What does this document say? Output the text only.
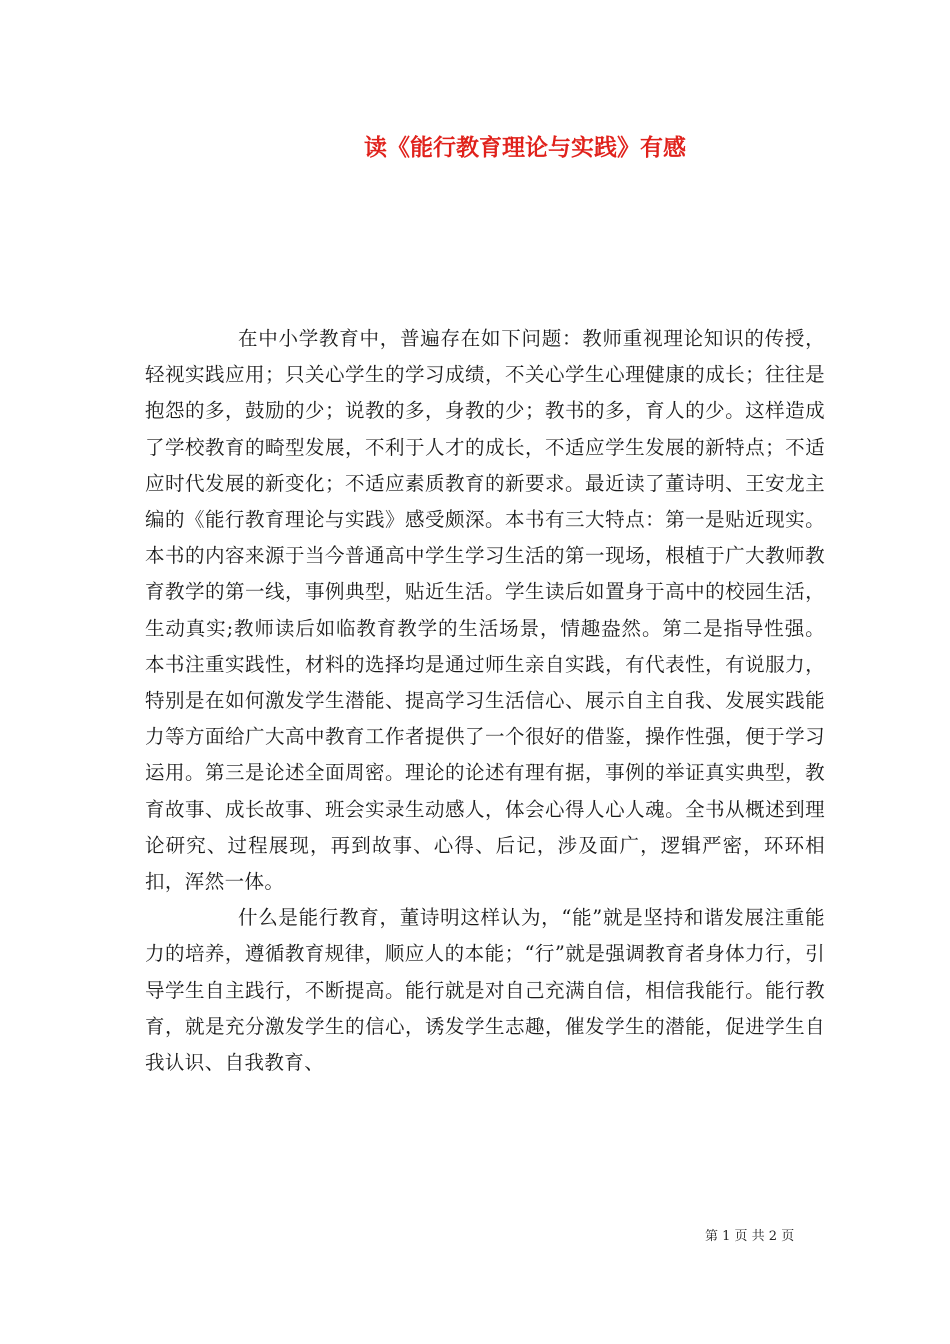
读《能行教育理论与实践》有感

在中小学教育中，普遍存在如下问题：教师重视理论知识的传授，轻视实践应用；只关心学生的学习成绩，不关心学生心理健康的成长；往往是抱怨的多，鼓励的少；说教的多，身教的少；教书的多，育人的少。这样造成了学校教育的畸型发展，不利于人才的成长，不适应学生发展的新特点；不适应时代发展的新变化；不适应素质教育的新要求。最近读了董诗明、王安龙主编的《能行教育理论与实践》感受颇深。本书有三大特点：第一是贴近现实。本书的内容来源于当今普通高中学生学习生活的第一现场，根植于广大教师教育教学的第一线，事例典型，贴近生活。学生读后如置身于高中的校园生活，生动真实;教师读后如临教育教学的生活场景，情趣盎然。第二是指导性强。本书注重实践性，材料的选择均是通过师生亲自实践，有代表性，有说服力，特别是在如何激发学生潜能、提高学习生活信心、展示自主自我、发展实践能力等方面给广大高中教育工作者提供了一个很好的借鉴，操作性强，便于学习运用。第三是论述全面周密。理论的论述有理有据，事例的举证真实典型，教育故事、成长故事、班会实录生动感人，体会心得人心人魂。全书从概述到理论研究、过程展现，再到故事、心得、后记，涉及面广，逻辑严密，环环相扣，浑然一体。

什么是能行教育，董诗明这样认为，“能”就是坚持和谐发展注重能力的培养，遵循教育规律，顺应人的本能；“行”就是强调教育者身体力行，引导学生自主践行，不断提高。能行就是对自己充满自信，相信我能行。能行教育，就是充分激发学生的信心，诱发学生志趣，催发学生的潜能，促进学生自我认识、自我教育、

第 1 页 共 2 页
